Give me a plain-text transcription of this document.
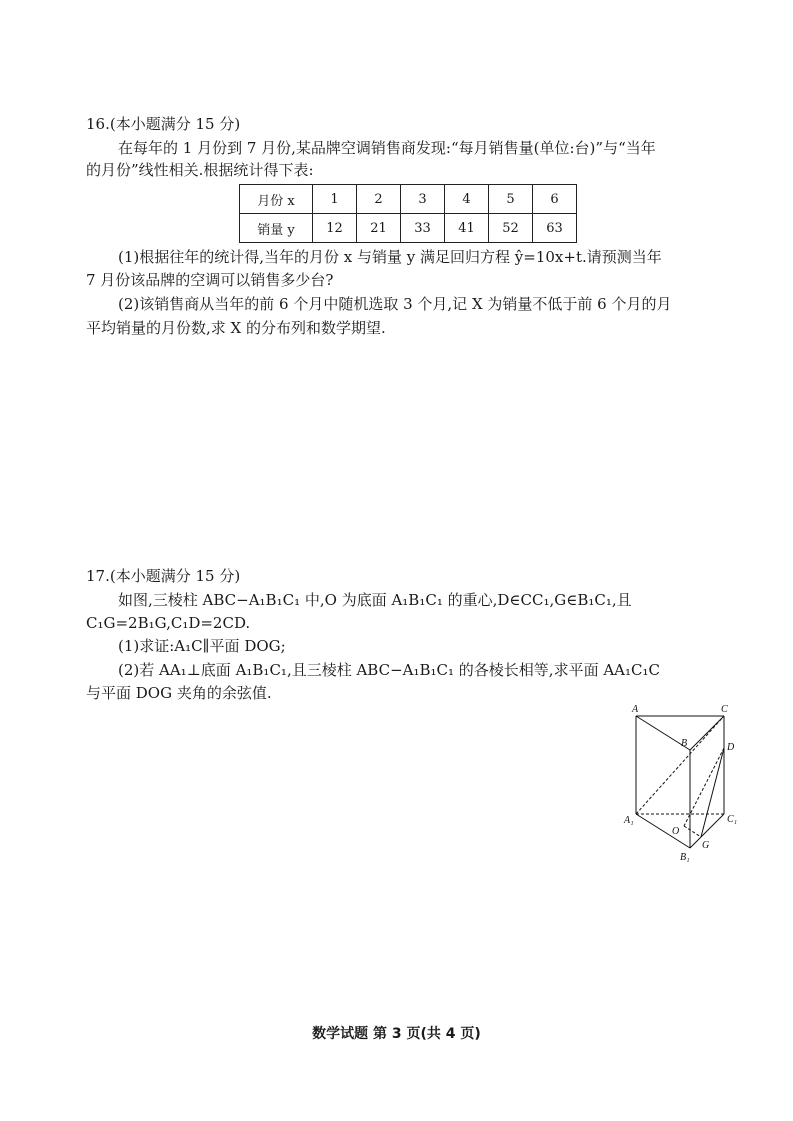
16.(本小题满分 15 分)
在每年的 1 月份到 7 月份,某品牌空调销售商发现:“每月销售量(单位:台)”与“当年
的月份”线性相关.根据统计得下表:
月份 x	1	2	3	4	5	6
销量 y	12	21	33	41	52	63
(1)根据往年的统计得,当年的月份 x 与销量 y 满足回归方程 ŷ=10x+t.请预测当年
7 月份该品牌的空调可以销售多少台?
(2)该销售商从当年的前 6 个月中随机选取 3 个月,记 X 为销量不低于前 6 个月的月
平均销量的月份数,求 X 的分布列和数学期望.
17.(本小题满分 15 分)
如图,三棱柱 ABC−A₁B₁C₁ 中,O 为底面 A₁B₁C₁ 的重心,D∈CC₁,G∈B₁C₁,且
C₁G=2B₁G,C₁D=2CD.
(1)求证:A₁C∥平面 DOG;
(2)若 AA₁⊥底面 A₁B₁C₁,且三棱柱 ABC−A₁B₁C₁ 的各棱长相等,求平面 AA₁C₁C
与平面 DOG 夹角的余弦值.
A	C
B	D
A₁
O
C₁
G
B₁
数学试题 第 3 页(共 4 页)
